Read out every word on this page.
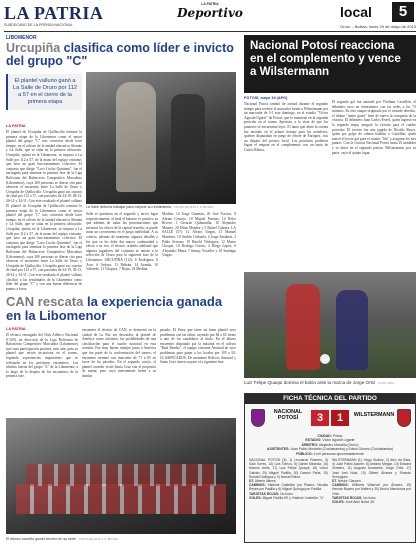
LA PATRIA
SUBDECANO DE LA PRENSA NACIONAL
LA PATRIA
Deportivo	local	5
Oruro – Bolivia, lunes 20 de mayo de 2013
LIBOMENOR
Urcupiña clasifica como líder e invicto del grupo "C"
El plantel valluno ganó a La Salle de Oruro por 112 a 57 en el cierre de la primera etapa
LA PATRIA
El plantel de Urcupiña de Quillacollo terminó la primera etapa de la Libomenor como el mejor plantel del grupo "C" tras concretar desde hace tiempo, en el coliseo de la unidad educativa Alemán y La Salle, que se sitúa en la primera ubicación. Urcupiña, quinta en la Libomenor, se impuso a La Salle por 112 a 57, de la mano del equipo visitante, que tuvo un gran funcionamiento colectivo. El conjunto que dirige "Loco Lucho Quintana", fue el encargado para terminar la primera fase de la Liga Boliviana del Baloncesto Competitivo Masculino (Libomenor), cuya 200 personas se dieron cita para observar el encuentro entre La Salle de Oruro y Urcupiña de Quillacollo. Urcupiña ganó sus cuartos de final por 112 a 57, con parciales de 24-19, 28-13, 26-14 y 34-11. Con este resultado el plantel valluno
La Salle debería trabajar para mejorar su rendimiento FOTOS DE OLTA J. S. BOYEN
El plantel de Urcupiña de Quillacollo terminó la primera etapa de la Libomenor como el mejor plantel del grupo "C" tras concretar desde hace tiempo, en el coliseo de la unidad educativa Alemán y La Salle, que se sitúa en la primera ubicación. Urcupiña, quinta en la Libomenor, se impuso a La Salle por 112 a 57, de la mano del equipo visitante, que tuvo un gran funcionamiento colectivo. El conjunto que dirige "Loco Lucho Quintana", fue el encargado para terminar la primera fase de la Liga Boliviana del Baloncesto Competitivo Masculino (Libomenor), cuya 200 personas se dieron cita para observar el encuentro entre La Salle de Oruro y Urcupiña de Quillacollo. Urcupiña ganó sus cuartos de final por 112 a 57, con parciales de 24-19, 28-13, 26-14 y 34-11. Con este resultado el plantel valluno clasificó a las semifinales de la Libomenor como líder del grupo "C" y con una buena diferencia de puntos a favor.
Salle se quedaron en el segundo y tercer lugar respectivamente, al final el balance es positivo ya que además de todas las presentaciones que tuvieron los chicos de la capital orureña, se puede notar un crecimiento en el juego individual. A su criterio, además de mantener algunos detalles a los que se les debe dar mayor continuidad y elevar a su vez, el técnico orureño adelantó que algunos jugadores del conjunto se unirán a la selección de Oruro para la siguiente fase de la Libomenor. URCUPIÑA (112): 6 Rodríguez, 8 Arce, 6 Ardaya, 13 Beltrán, 14 Aranda, 10 Valverde, 11 Vásquez, 7 Rojas, 24 Medina.
Medina, 14 Jorge Guzmán, 20 José Torrico, 8 Adrian Cornejo, 10 Miguel Fuentes, 14 Néfer Rivero, 3 Gerardo Quintanilla, 10 Alejandro Manero, 20 Dilan Mendez y 5 Rafael Cabrera. LA SALLE (57): 12 Álvaro Vargas, 13 Manuel Martínez, 10 Andrés Orihuela, 4 Jorge Sanabria, 2 Pablo Serrano, 10 Harold Velásquez, 12 Mateo Choque, 10 Rodrigo García, 4 Diego López, 6 Alejandro Mena, 7 Jimmy Vocaflor y 10 Santiago Vargas.
CAN rescata la experiencia ganada en la Libomenor
LA PATRIA
El técnico encargado del Club Atlético Nacional (CAN), en dirección de la Liga Boliviana de Baloncesto Competitivo Masculino (Libomenor) tuvo una participación positiva, más aún, para su plantel que recién incursiona en el torneo, logrando experiencias importantes que se reflejarán en los próximos encuentros. Los últimos fueron del grupo "A" de la Libomenor, a lo largo de la disputa de los encuentros de la primera fase.
encuentro el técnico de CAN, se demostró en la ciudad de La Paz sin descuidar, al plantel de América como sufrimos, las posibilidades de una clasificación para el cuadro nacional en esta ocasión. Fue muy bueno trabajar junto a América que fue parte de la conformación del torneo, el encuentro terminó con marcador de 71 a 85 en favor de los paceños. En el segundo cotejo, el plantel orureño visitó Santa Cruz con el propósito de sumar, pero cayó nuevamente frente a su similar.
pasado, El Paisa que tiene un buen plantel tuvo problemas con las faltas, cayendo por 84 a 65 frente a uno de los candidatos al título. En el último encuentro disputado por la máxima en el coliseo "Rafa Bendiz", el equipo visitante Amistad no tuvo problemas para ganar a los locales por 105 a 92. CLASIFICADOS. De momento Bolivar, Amistad y Santa Cruz tienen su pase a la siguiente fase.
El elenco orureño quedó tercero en su serie FOTOS DE OLTA J. S. BOYEN
Nacional Potosí reacciona en el complemento y vence a Wilstermann
POTOSÍ, mayo 19 (APG)
Nacional Potosí cambió de actitud durante el segundo tiempo para revertir el marcador frente a Wilstermann por un marcador de 3-1 este domingo, en el estadio "Víctor Agustín Ugarte" de Potosí, que le mantiene en la segunda posición en el torneo Apertura, a la vista de que los punteros se encuentran lejos. El tanto que abrió la cuenta fue anotado en el primer tiempo para los aviadores, quienes disputaban en juego de rebote de Enriquez, tras un disparo del portero local. Los potosinos pudieron lograr el empate en el complemento con un tanto de Carlos Ribera.
El segundo gol fue anotado por Vladimir Castellón, el delantero tuvo un reencuentro con las redes a los 73 minutos. En otro ataque originado por el costado derecho, el último "tanito gustó" bien de nuevo la conquista de la victoria. El delantero Juan Carlos Ferrel, quien ingresó en la segunda etapa, aseguró la victoria para el cuadro potosino. El tercero fue una jugada de Nicolás Reyes, quien por golpe de cabeza habilitó a Castellón, quien marcó el tercer gol para el cuadro "lila" y asegurar los tres puntos. Con la victoria Nacional Potosí suma 25 unidades y se ubica en el segundo puesto, Wilstermann, por su parte, cayó al quinto lugar.
Luiz Felipe Quaqui domina el balón ante la marca de Jorge Ortiz FOTO: APG
FICHA TÉCNICA DEL PARTIDO
NACIONAL POTOSÍ	3	1	WILSTERMANN
CIUDAD: Potosí
ESTADIO: Víctor Agustín Ugarte
ÁRBITRO: Alejandro Mancilla (Oruro)
ASISTENTES: Juan Pablo Montaño (Cochabamba) y Edwin Gómez (Cochabamba)
PÚBLICO: 4 mil personas aproximadamente
NACIONAL POTOSÍ (3): 1) Leonardo Romero, 3) Saúl Torres, 13) Luis Torrico, 5) Daniel Miranda, 15) Marcos Arela, 17) Luiz Felipe Quaqui, 18) Víctor Galván, 20) Miguel Padilla, 30) Darwin Peña, 10) Ronald Gallegos y 9) Harold Reina.
DT. Alberto Illanes.
CAMBIOS: Vladimir Castellón por Pizarro, Nicolás Reyes por Padilla y 6) Miguel Quiroga por Padilla.
TARJETAS ROJAS: No hubo.
GOLES: Miguel Padilla 69' y Vladimir Castellón 74'
WILSTERMANN (1): Hugo Suárez, 2) Alex da Silva, 4) Juan Pablo Aponte, 8) Antonio Meígar, 10) Edward Zenteno, 11) Augusto Andaveris, Jorge Ortiz, 17) José Arel Nola, 10) Gilbert Álvarez y Ricardo Verduguez.
DT. Néstor Clausen.
CAMBIOS: Williams Villarroel por Álvarez, 19) Hernán Boyero por Mellen y 20) Bruno Mendonca por Ortiz.
TARJETAS ROJAS: No hubo.
GOLES: José Ariel Nolez 36'.
